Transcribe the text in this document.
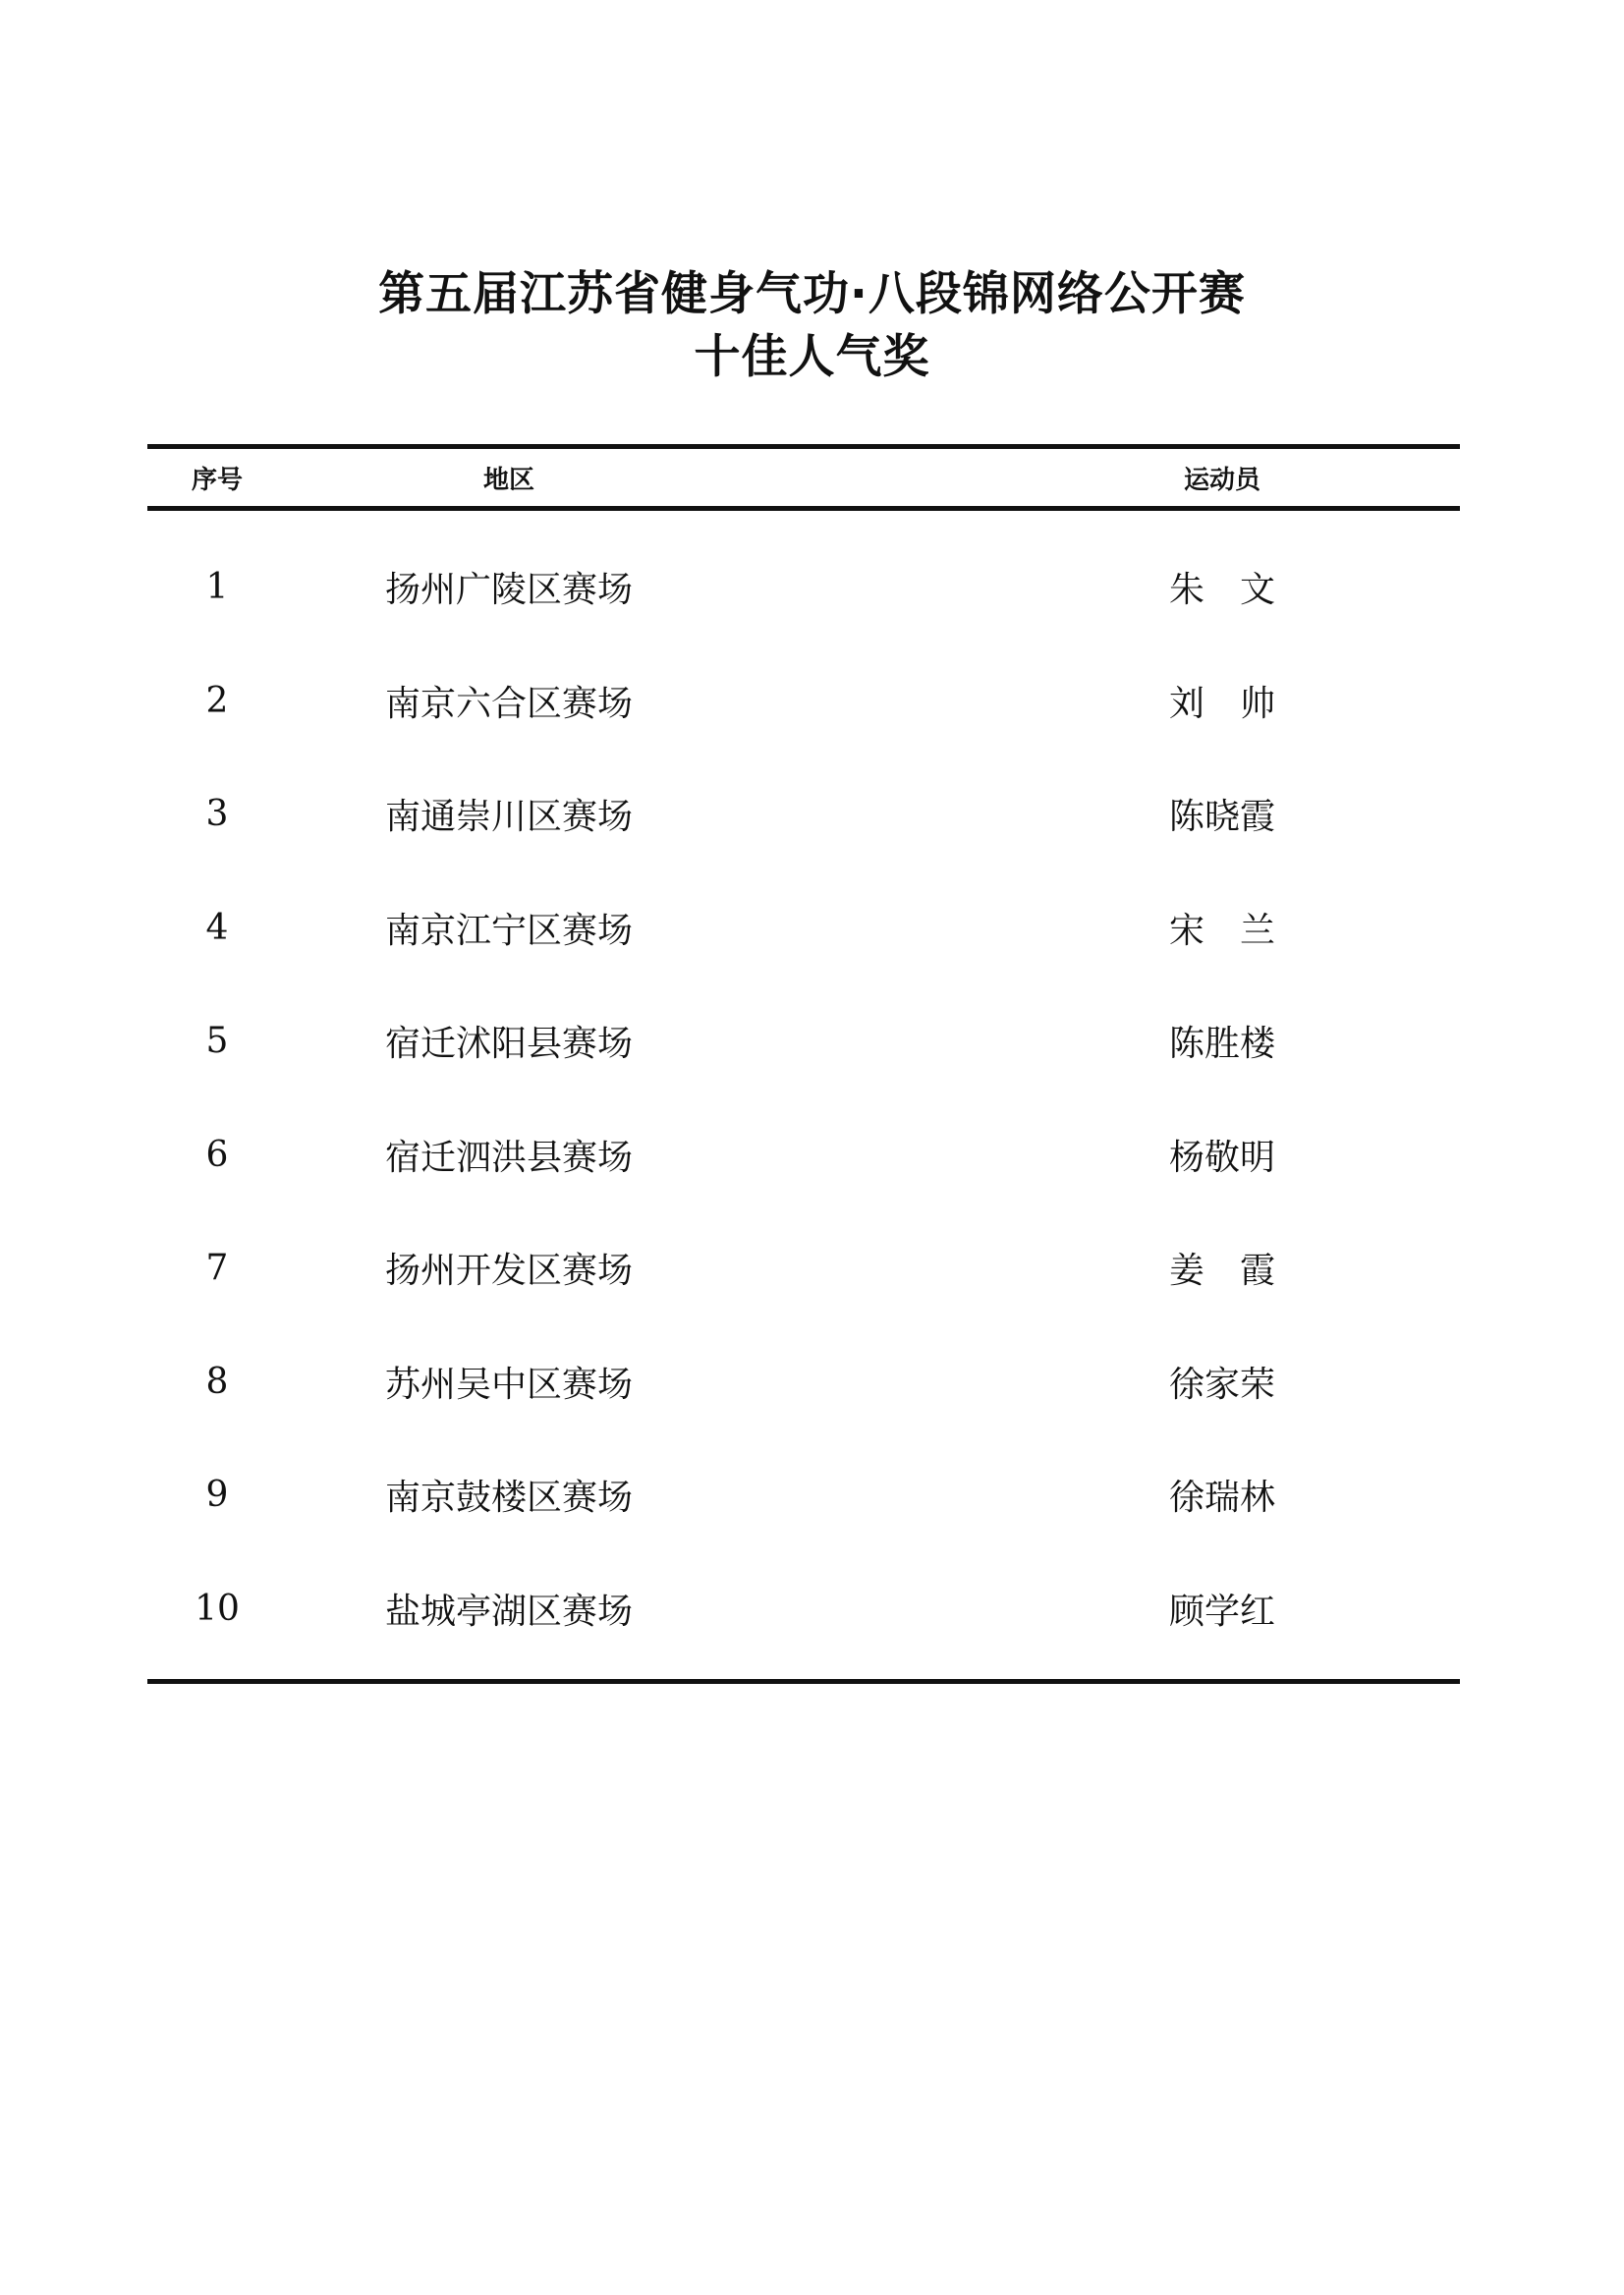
第五届江苏省健身气功·八段锦网络公开赛
十佳人气奖
序号	地区	运动员
1	扬州广陵区赛场	朱　文
2	南京六合区赛场	刘　帅
3	南通崇川区赛场	陈晓霞
4	南京江宁区赛场	宋　兰
5	宿迁沭阳县赛场	陈胜楼
6	宿迁泗洪县赛场	杨敬明
7	扬州开发区赛场	姜　霞
8	苏州吴中区赛场	徐家荣
9	南京鼓楼区赛场	徐瑞林
10	盐城亭湖区赛场	顾学红
